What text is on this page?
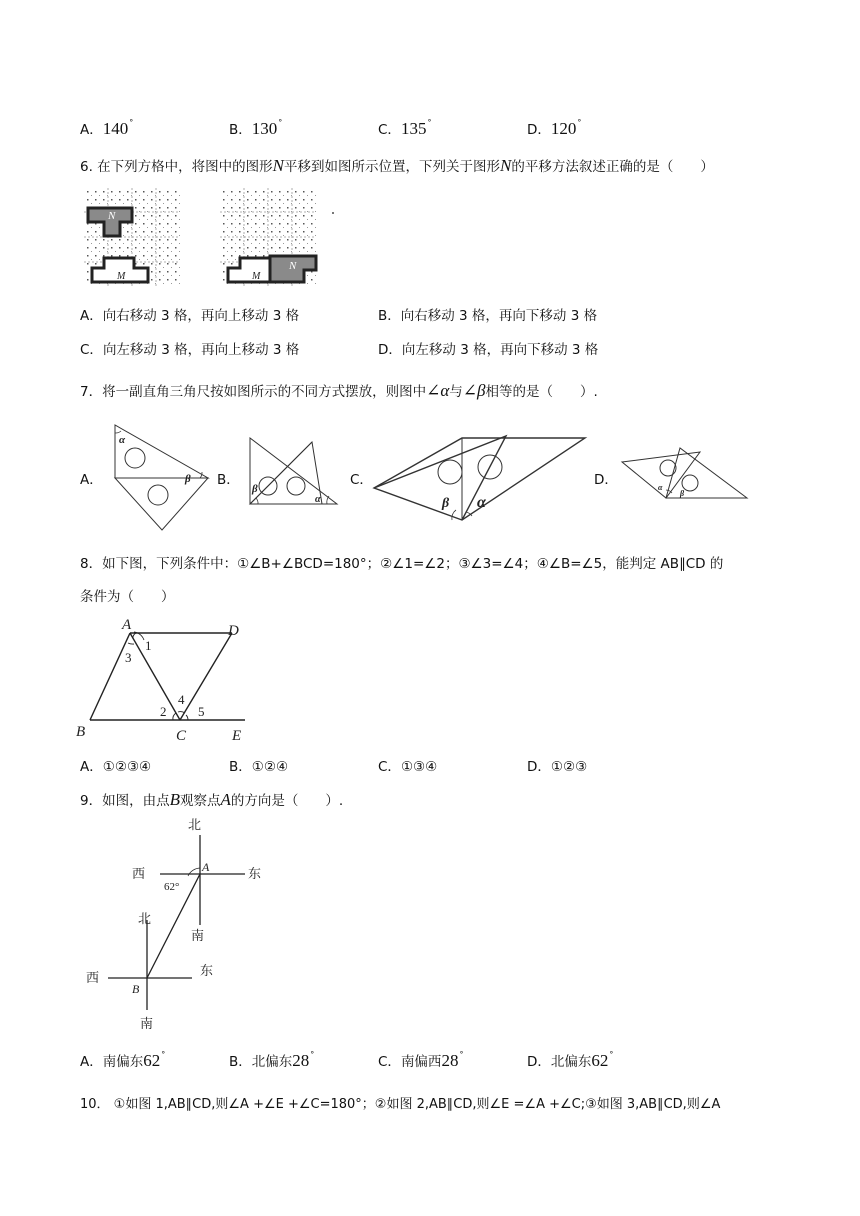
A．140°	B．130°	C．135°	D．120°
6. 在下列方格中，将图中的图形N平移到如图所示位置，下列关于图形N的平移方法叙述正确的是（　　）
N
M	M
N
A．向右移动 3 格，再向上移动 3 格	B．向右移动 3 格，再向下移动 3 格
C．向左移动 3 格，再向上移动 3 格	D．向左移动 3 格，再向下移动 3 格
7．将一副直角三角尺按如图所示的不同方式摆放，则图中∠α与∠β相等的是（　　）.
A．	B．	C．	D．
α
β
β
α	β α
α
β
8．如下图，下列条件中：①∠B+∠BCD=180°；②∠1=∠2；③∠3=∠4；④∠B=∠5，能判定 AB∥CD 的
条件为（　　）
A	D
B	C	E
1
3
4
2 5
A．①②③④	B．①②④	C．①③④	D．①②③
9．如图，由点B观察点A的方向是（　　）.
北
西	东
南
北
西	东
南
62°
A
B
A．南偏东62°	B．北偏东28°	C．南偏西28°	D．北偏东62°
10． ①如图 1,AB∥CD,则∠A +∠E +∠C=180°；②如图 2,AB∥CD,则∠E =∠A +∠C;③如图 3,AB∥CD,则∠A
